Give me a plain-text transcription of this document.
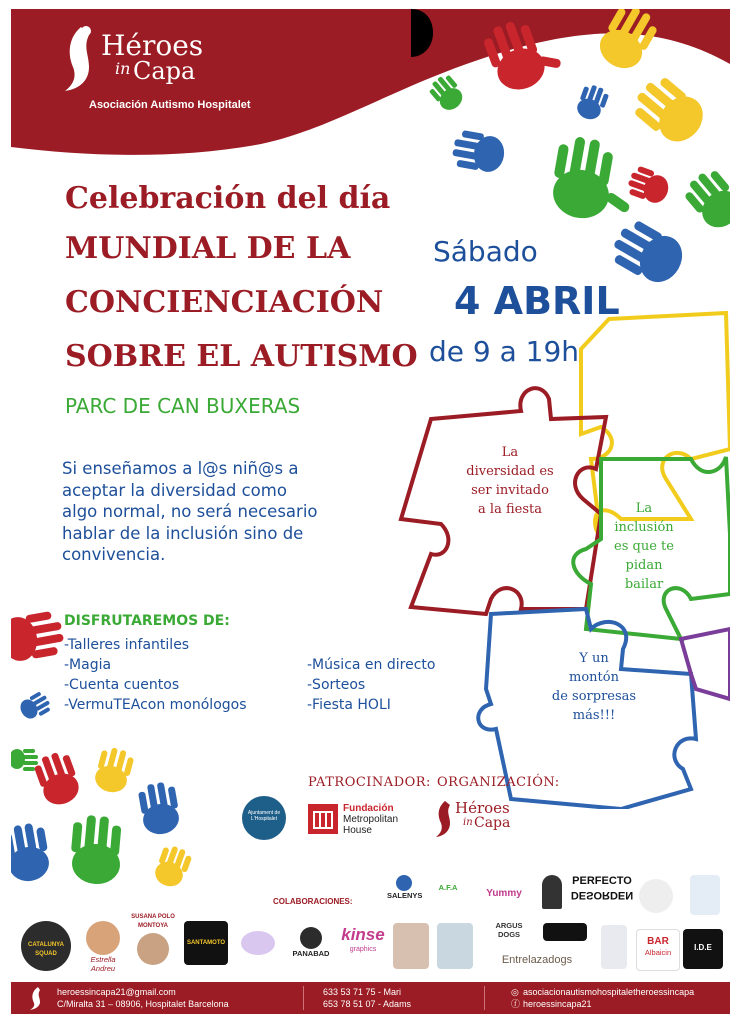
Héroes
in Capa
Asociación Autismo Hospitalet
Celebración del día
MUNDIAL DE LA
CONCIENCIACIÓN
SOBRE EL AUTISMO
PARC DE CAN BUXERAS
Sábado
4 ABRIL
de 9 a 19h
La
diversidad es
ser invitado
a la fiesta	La
inclusión
es que te
pidan
bailar
Y un
montón
de sorpresas
más!!!
Si enseñamos a l@s niñ@s a
aceptar la diversidad como
algo normal, no será necesario
hablar de la inclusión sino de
convivencia.
DISFRUTAREMOS DE:
-Talleres infantiles
-Magia
-Cuenta cuentos
-VermuTEAcon monólogos
-Música en directo
-Sorteos
-Fiesta HOLI
PATROCINADOR: ORGANIZACIÓN:
Ajuntament de L'Hospitalet
Fundación
Metropolitan
House
Héroes
in Capa
COLABORACIONES:
SALENYS
A.F.A
Yummy
PERFECTO
DESORDEN
ARGUS
DOGS
Entrelazadogs
CATALUNYA SQUAD
Estrella Andreu
SUSANA POLO MONTOYA
SANTAMOTO
PANABAD
kinse
graphics
BAR
Albaicin
I.D.E
heroessincapa21@gmail.com
C/Miralta 31 – 08906, Hospitalet Barcelona
633 53 71 75 - Mari
653 78 51 07 - Adams
◎ asociacionautismohospitaletheroessincapa
ⓕ heroessincapa21
